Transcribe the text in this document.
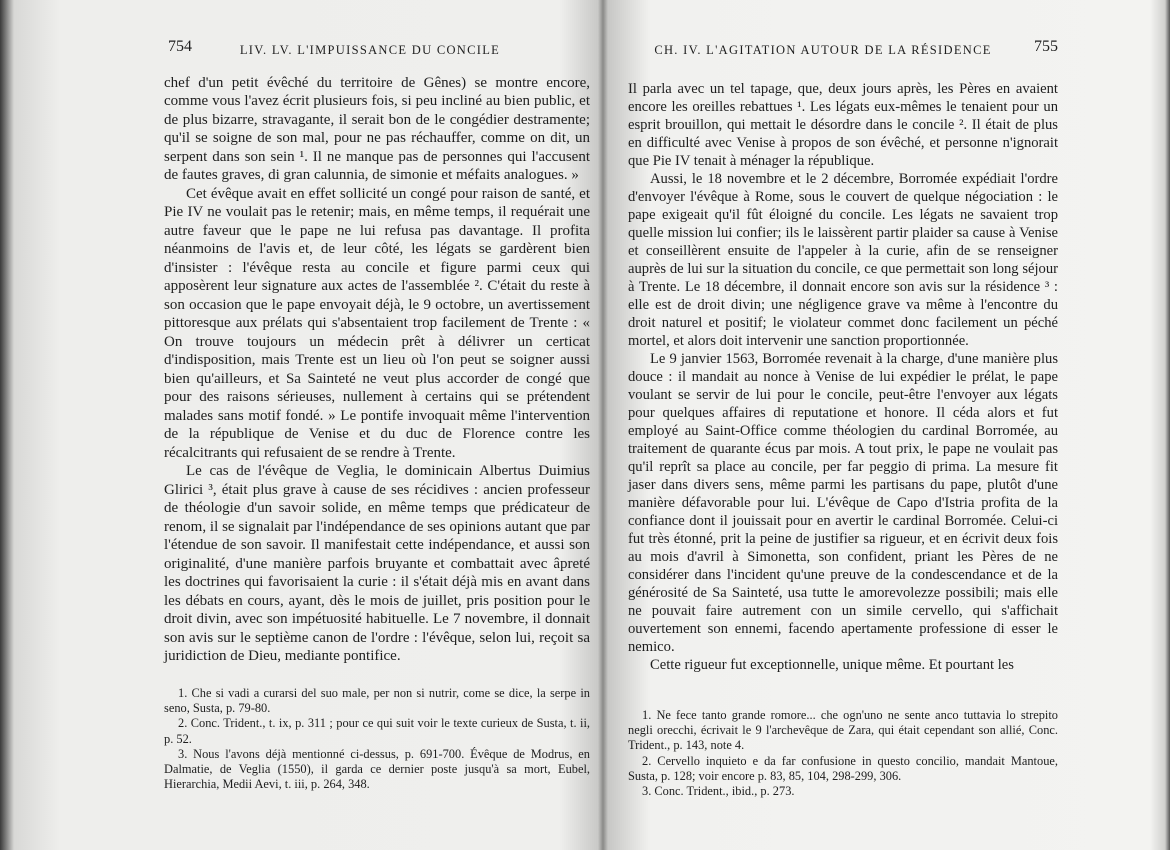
754	LIV. LV. L'IMPUISSANCE DU CONCILE

chef d'un petit évêché du territoire de Gênes) se montre encore, comme vous l'avez écrit plusieurs fois, si peu incliné au bien public, et de plus bizarre, stravagante, il serait bon de le congédier destramente; qu'il se soigne de son mal, pour ne pas réchauffer, comme on dit, un serpent dans son sein ¹. Il ne manque pas de personnes qui l'accusent de fautes graves, di gran calunnia, de simonie et méfaits analogues. »

Cet évêque avait en effet sollicité un congé pour raison de santé, et Pie IV ne voulait pas le retenir; mais, en même temps, il requérait une autre faveur que le pape ne lui refusa pas davantage. Il profita néanmoins de l'avis et, de leur côté, les légats se gardèrent bien d'insister : l'évêque resta au concile et figure parmi ceux qui apposèrent leur signature aux actes de l'assemblée ². C'était du reste à son occasion que le pape envoyait déjà, le 9 octobre, un avertissement pittoresque aux prélats qui s'absentaient trop facilement de Trente : « On trouve toujours un médecin prêt à délivrer un certicat d'indisposition, mais Trente est un lieu où l'on peut se soigner aussi bien qu'ailleurs, et Sa Sainteté ne veut plus accorder de congé que pour des raisons sérieuses, nullement à certains qui se prétendent malades sans motif fondé. » Le pontife invoquait même l'intervention de la république de Venise et du duc de Florence contre les récalcitrants qui refusaient de se rendre à Trente.

Le cas de l'évêque de Veglia, le dominicain Albertus Duimius Glirici ³, était plus grave à cause de ses récidives : ancien professeur de théologie d'un savoir solide, en même temps que prédicateur de renom, il se signalait par l'indépendance de ses opinions autant que par l'étendue de son savoir. Il manifestait cette indépendance, et aussi son originalité, d'une manière parfois bruyante et combattait avec âpreté les doctrines qui favorisaient la curie : il s'était déjà mis en avant dans les débats en cours, ayant, dès le mois de juillet, pris position pour le droit divin, avec son impétuosité habituelle. Le 7 novembre, il donnait son avis sur le septième canon de l'ordre : l'évêque, selon lui, reçoit sa juridiction de Dieu, mediante pontifice.

1. Che si vadi a curarsi del suo male, per non si nutrir, come se dice, la serpe in seno, Susta, p. 79-80.

2. Conc. Trident., t. ix, p. 311 ; pour ce qui suit voir le texte curieux de Susta, t. ii, p. 52.

3. Nous l'avons déjà mentionné ci-dessus, p. 691-700. Évêque de Modrus, en Dalmatie, de Veglia (1550), il garda ce dernier poste jusqu'à sa mort, Eubel, Hierarchia, Medii Aevi, t. iii, p. 264, 348.

CH. IV. L'AGITATION AUTOUR DE LA RÉSIDENCE	755

Il parla avec un tel tapage, que, deux jours après, les Pères en avaient encore les oreilles rebattues ¹. Les légats eux-mêmes le tenaient pour un esprit brouillon, qui mettait le désordre dans le concile ². Il était de plus en difficulté avec Venise à propos de son évêché, et personne n'ignorait que Pie IV tenait à ménager la république.

Aussi, le 18 novembre et le 2 décembre, Borromée expédiait l'ordre d'envoyer l'évêque à Rome, sous le couvert de quelque négociation : le pape exigeait qu'il fût éloigné du concile. Les légats ne savaient trop quelle mission lui confier; ils le laissèrent partir plaider sa cause à Venise et conseillèrent ensuite de l'appeler à la curie, afin de se renseigner auprès de lui sur la situation du concile, ce que permettait son long séjour à Trente. Le 18 décembre, il donnait encore son avis sur la résidence ³ : elle est de droit divin; une négligence grave va même à l'encontre du droit naturel et positif; le violateur commet donc facilement un péché mortel, et alors doit intervenir une sanction proportionnée.

Le 9 janvier 1563, Borromée revenait à la charge, d'une manière plus douce : il mandait au nonce à Venise de lui expédier le prélat, le pape voulant se servir de lui pour le concile, peut-être l'envoyer aux légats pour quelques affaires di reputatione et honore. Il céda alors et fut employé au Saint-Office comme théologien du cardinal Borromée, au traitement de quarante écus par mois. A tout prix, le pape ne voulait pas qu'il reprît sa place au concile, per far peggio di prima. La mesure fit jaser dans divers sens, même parmi les partisans du pape, plutôt d'une manière défavorable pour lui. L'évêque de Capo d'Istria profita de la confiance dont il jouissait pour en avertir le cardinal Borromée. Celui-ci fut très étonné, prit la peine de justifier sa rigueur, et en écrivit deux fois au mois d'avril à Simonetta, son confident, priant les Pères de ne considérer dans l'incident qu'une preuve de la condescendance et de la générosité de Sa Sainteté, usa tutte le amorevolezze possibili; mais elle ne pouvait faire autrement con un simile cervello, qui s'affichait ouvertement son ennemi, facendo apertamente professione di esser le nemico.

Cette rigueur fut exceptionnelle, unique même. Et pourtant les

1. Ne fece tanto grande romore... che ogn'uno ne sente anco tuttavia lo strepito negli orecchi, écrivait le 9 l'archevêque de Zara, qui était cependant son allié, Conc. Trident., p. 143, note 4.

2. Cervello inquieto e da far confusione in questo concilio, mandait Mantoue, Susta, p. 128; voir encore p. 83, 85, 104, 298-299, 306.

3. Conc. Trident., ibid., p. 273.
